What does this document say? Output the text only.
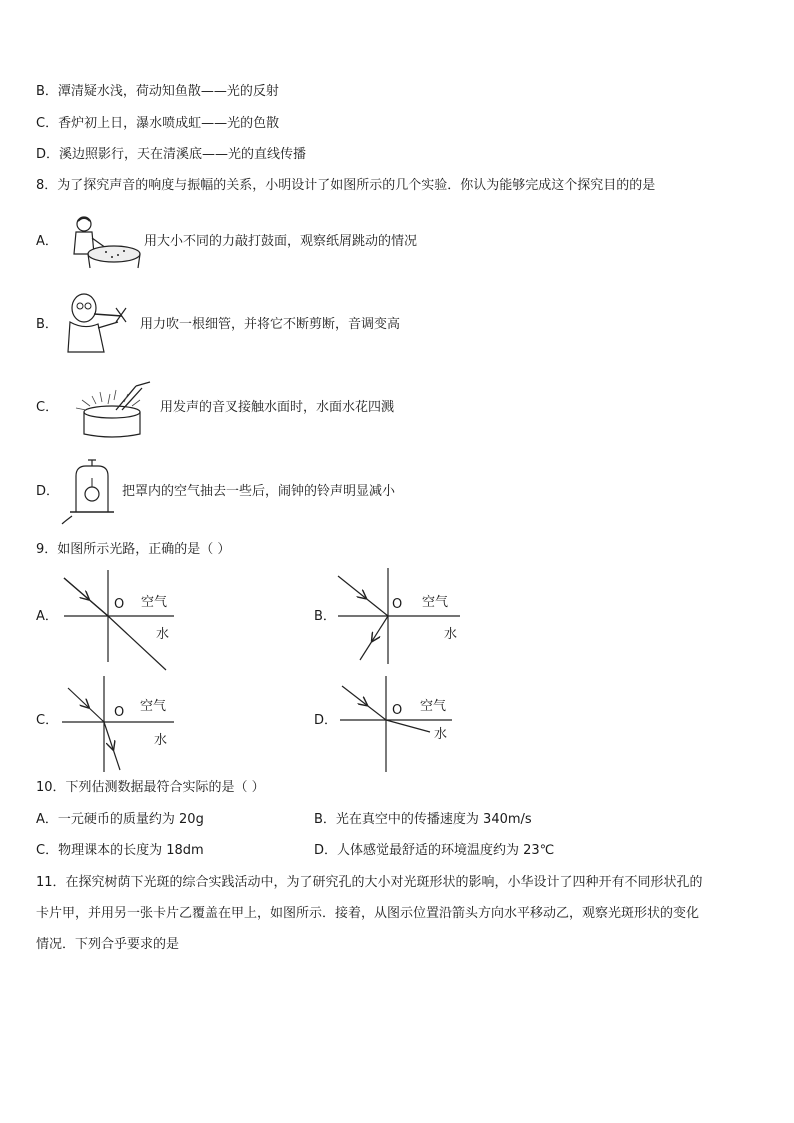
B．潭清疑水浅，荷动知鱼散——光的反射
C．香炉初上日，瀑水喷成虹——光的色散
D．溪边照影行，天在清溪底——光的直线传播
8．为了探究声音的响度与振幅的关系，小明设计了如图所示的几个实验．你认为能够完成这个探究目的的是
A．	用大小不同的力敲打鼓面，观察纸屑跳动的情况
B．	用力吹一根细管，并将它不断剪断，音调变高
C．	用发声的音叉接触水面时，水面水花四溅
D．	把罩内的空气抽去一些后，闹钟的铃声明显减小
9．如图所示光路，正确的是（ ）
A．
O 空气
水
B．
O 空气
水
C．
O 空气
水
D．
O 空气
水
10．下列估测数据最符合实际的是（ ）
A．一元硬币的质量约为 20g	B．光在真空中的传播速度为 340m/s
C．物理课本的长度为 18dm	D．人体感觉最舒适的环境温度约为 23℃
11．在探究树荫下光斑的综合实践活动中，为了研究孔的大小对光斑形状的影响，小华设计了四种开有不同形状孔的
卡片甲，并用另一张卡片乙覆盖在甲上，如图所示．接着，从图示位置沿箭头方向水平移动乙，观察光斑形状的变化
情况．下列合乎要求的是
